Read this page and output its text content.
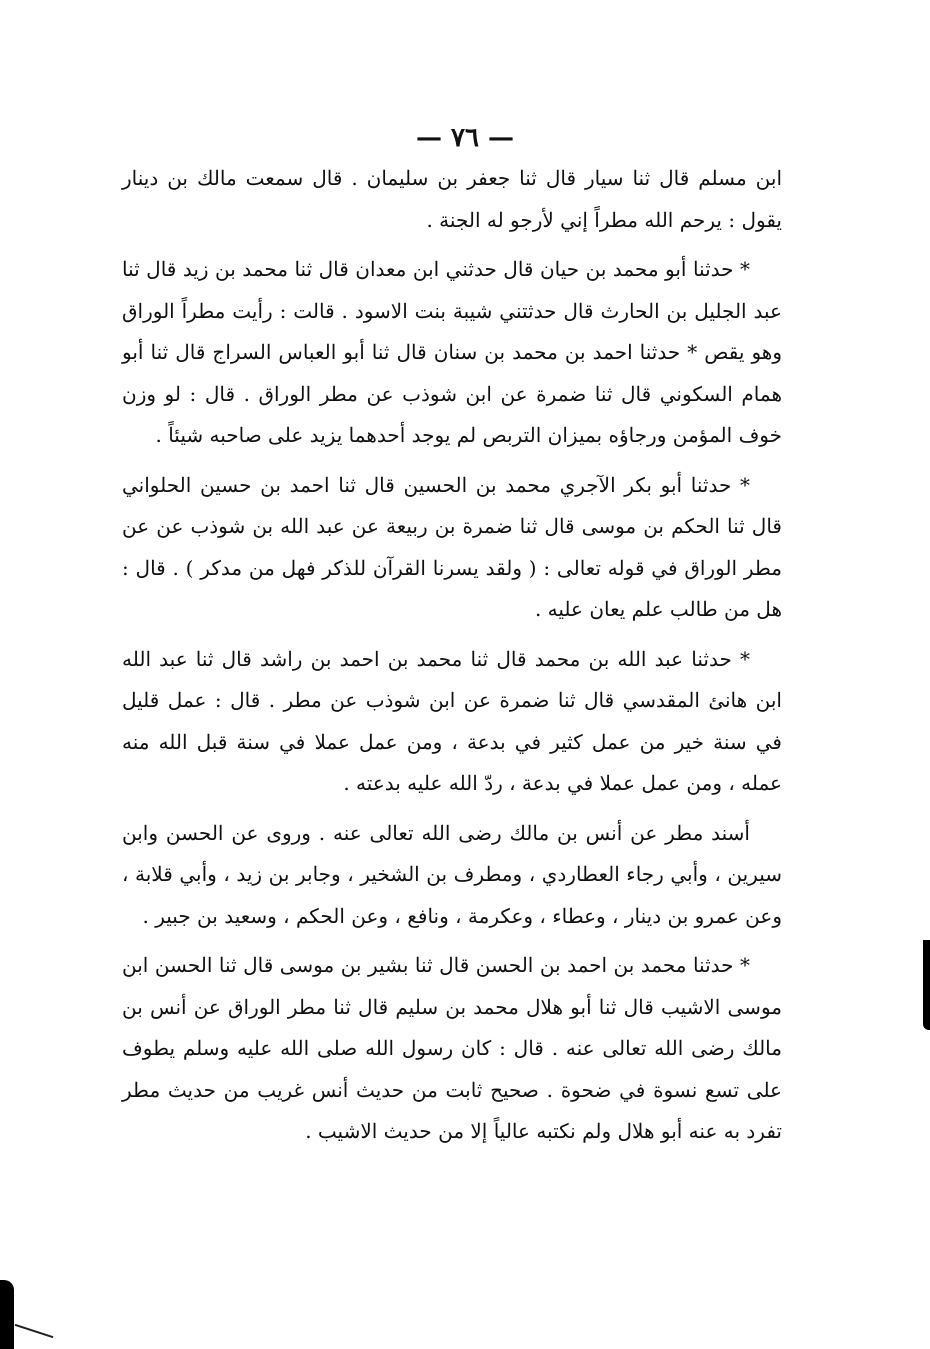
— ٧٦ —

ابن مسلم قال ثنا سيار قال ثنا جعفر بن سليمان . قال سمعت مالك بن دينار يقول : يرحم الله مطراً إني لأرجو له الجنة .

* حدثنا أبو محمد بن حيان قال حدثني ابن معدان قال ثنا محمد بن زيد قال ثنا عبد الجليل بن الحارث قال حدثتني شيبة بنت الاسود . قالت : رأيت مطراً الوراق وهو يقص * حدثنا احمد بن محمد بن سنان قال ثنا أبو العباس السراج قال ثنا أبو همام السكوني قال ثنا ضمرة عن ابن شوذب عن مطر الوراق . قال : لو وزن خوف المؤمن ورجاؤه بميزان التربص لم يوجد أحدهما يزيد على صاحبه شيئاً .

* حدثنا أبو بكر الآجري محمد بن الحسين قال ثنا احمد بن حسين الحلواني قال ثنا الحكم بن موسى قال ثنا ضمرة بن ربيعة عن عبد الله بن شوذب عن عن مطر الوراق في قوله تعالى : ( ولقد يسرنا القرآن للذكر فهل من مدكر ) . قال : هل من طالب علم يعان عليه .

* حدثنا عبد الله بن محمد قال ثنا محمد بن احمد بن راشد قال ثنا عبد الله ابن هانئ المقدسي قال ثنا ضمرة عن ابن شوذب عن مطر . قال : عمل قليل في سنة خير من عمل كثير في بدعة ، ومن عمل عملا في سنة قبل الله منه عمله ، ومن عمل عملا في بدعة ، ردّ الله عليه بدعته .

أسند مطر عن أنس بن مالك رضى الله تعالى عنه . وروى عن الحسن وابن سيرين ، وأبي رجاء العطاردي ، ومطرف بن الشخير ، وجابر بن زيد ، وأبي قلابة ، وعن عمرو بن دينار ، وعطاء ، وعكرمة ، ونافع ، وعن الحكم ، وسعيد بن جبير .

* حدثنا محمد بن احمد بن الحسن قال ثنا بشير بن موسى قال ثنا الحسن ابن موسى الاشيب قال ثنا أبو هلال محمد بن سليم قال ثنا مطر الوراق عن أنس بن مالك رضى الله تعالى عنه . قال : كان رسول الله صلى الله عليه وسلم يطوف على تسع نسوة في ضحوة . صحيح ثابت من حديث أنس غريب من حديث مطر تفرد به عنه أبو هلال ولم نكتبه عالياً إلا من حديث الاشيب .
